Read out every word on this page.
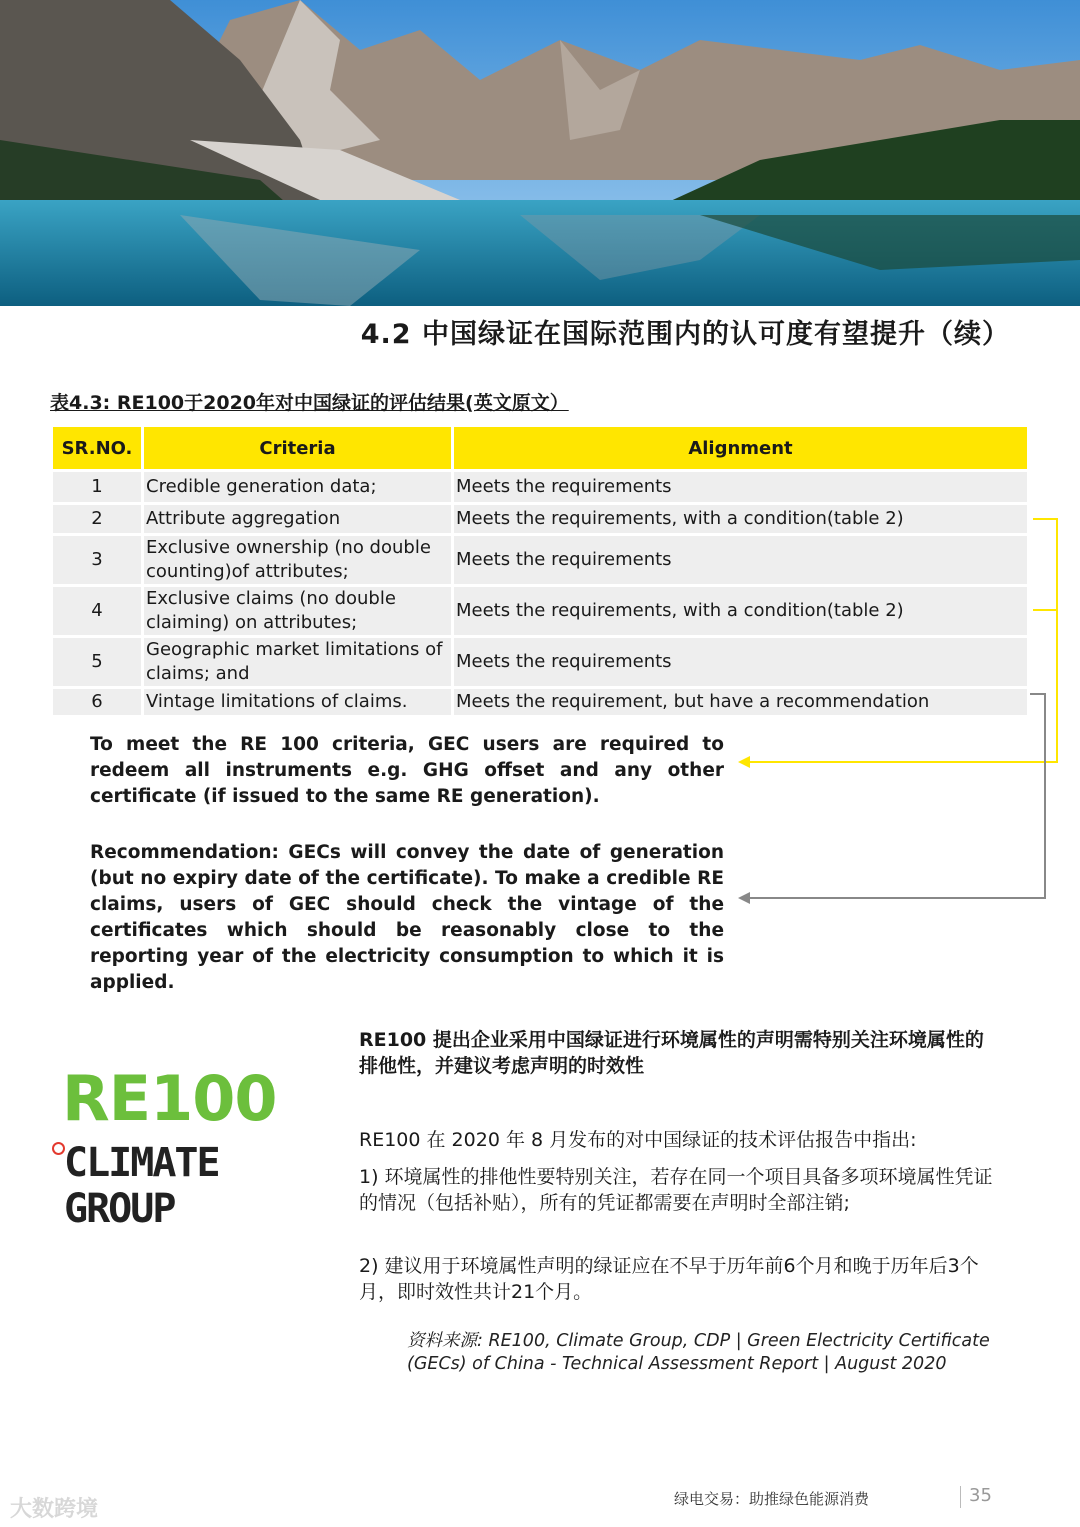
4.2 中国绿证在国际范围内的认可度有望提升（续）
表4.3: RE100于2020年对中国绿证的评估结果(英文原文）
SR.NO.	Criteria	Alignment
1	Credible generation data;	Meets the requirements
2	Attribute aggregation	Meets the requirements, with a condition(table 2)
3	Exclusive ownership (no double counting)of attributes;	Meets the requirements
4	Exclusive claims (no double claiming) on attributes;	Meets the requirements, with a condition(table 2)
5	Geographic market limitations of claims; and	Meets the requirements
6	Vintage limitations of claims.	Meets the requirement, but have a recommendation
To meet the RE 100 criteria, GEC users are required to redeem all instruments e.g. GHG offset and any other certificate (if issued to the same RE generation).
Recommendation: GECs will convey the date of generation (but no expiry date of the certificate). To make a credible RE claims, users of GEC should check the vintage of the certificates which should be reasonably close to the reporting year of the electricity consumption to which it is applied.
RE100
CLIMATE GROUP
RE100 提出企业采用中国绿证进行环境属性的声明需特别关注环境属性的排他性，并建议考虑声明的时效性
RE100 在 2020 年 8 月发布的对中国绿证的技术评估报告中指出:
1) 环境属性的排他性要特别关注，若存在同一个项目具备多项环境属性凭证的情况（包括补贴），所有的凭证都需要在声明时全部注销;
2) 建议用于环境属性声明的绿证应在不早于历年前6个月和晚于历年后3个月，即时效性共计21个月。
资料来源: RE100, Climate Group, CDP | Green Electricity Certificate (GECs) of China - Technical Assessment Report | August 2020
大数跨境	绿电交易：助推绿色能源消费	35
